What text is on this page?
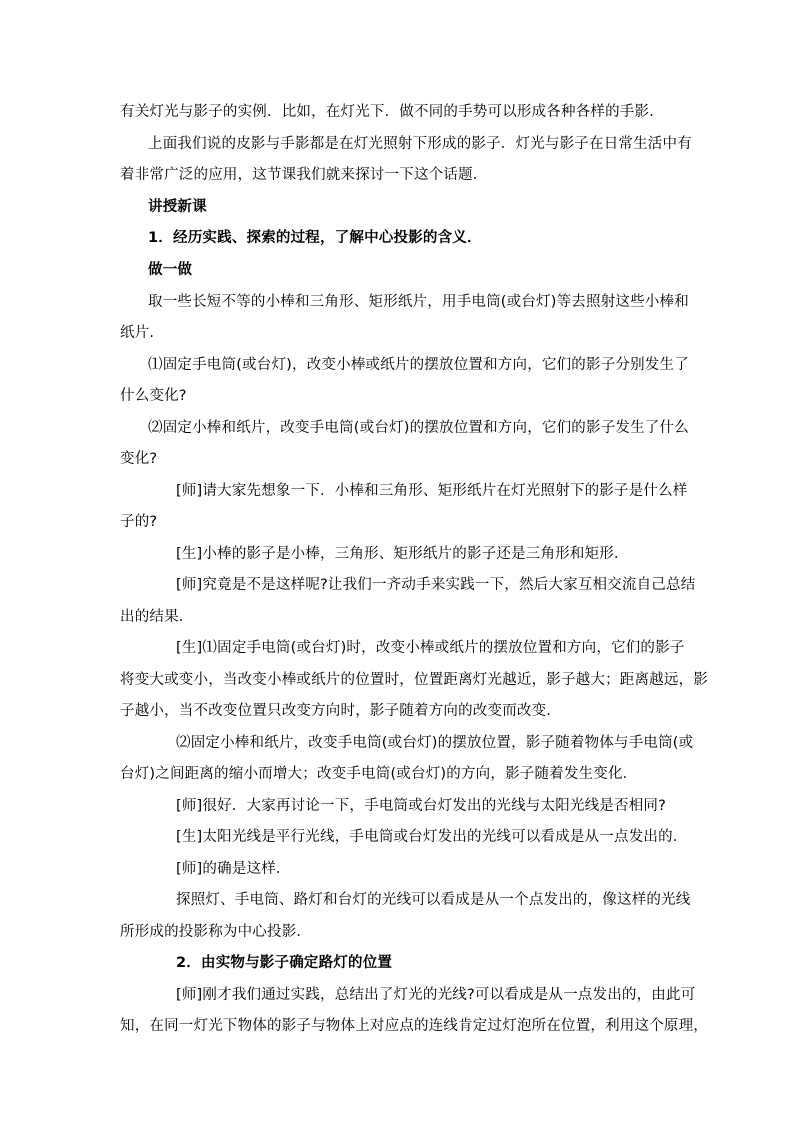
有关灯光与影子的实例．比如，在灯光下．做不同的手势可以形成各种各样的手影．
上面我们说的皮影与手影都是在灯光照射下形成的影子．灯光与影子在日常生活中有
着非常广泛的应用，这节课我们就来探讨一下这个话题．
讲授新课
1．经历实践、探索的过程，了解中心投影的含义．
做一做
取一些长短不等的小棒和三角形、矩形纸片，用手电筒(或台灯)等去照射这些小棒和
纸片．
⑴固定手电筒(或台灯)，改变小棒或纸片的摆放位置和方向，它们的影子分别发生了
什么变化?
⑵固定小棒和纸片，改变手电筒(或台灯)的摆放位置和方向，它们的影子发生了什么
变化?
[师]请大家先想象一下．小棒和三角形、矩形纸片在灯光照射下的影子是什么样
子的?
[生]小棒的影子是小棒，三角形、矩形纸片的影子还是三角形和矩形．
[师]究竟是不是这样呢?让我们一齐动手来实践一下，然后大家互相交流自己总结
出的结果．
[生]⑴固定手电筒(或台灯)时，改变小棒或纸片的摆放位置和方向，它们的影子
将变大或变小，当改变小棒或纸片的位置时，位置距离灯光越近，影子越大；距离越远，影
子越小，当不改变位置只改变方向时，影子随着方向的改变而改变．
⑵固定小棒和纸片，改变手电筒(或台灯)的摆放位置，影子随着物体与手电筒(或
台灯)之间距离的缩小而增大；改变手电筒(或台灯)的方向，影子随着发生变化．
[师]很好．大家再讨论一下，手电筒或台灯发出的光线与太阳光线是否相同?
[生]太阳光线是平行光线，手电筒或台灯发出的光线可以看成是从一点发出的．
[师]的确是这样．
探照灯、手电筒、路灯和台灯的光线可以看成是从一个点发出的，像这样的光线
所形成的投影称为中心投影．
2．由实物与影子确定路灯的位置
[师]刚才我们通过实践，总结出了灯光的光线?可以看成是从一点发出的，由此可
知，在同一灯光下物体的影子与物体上对应点的连线肯定过灯泡所在位置，利用这个原理，
